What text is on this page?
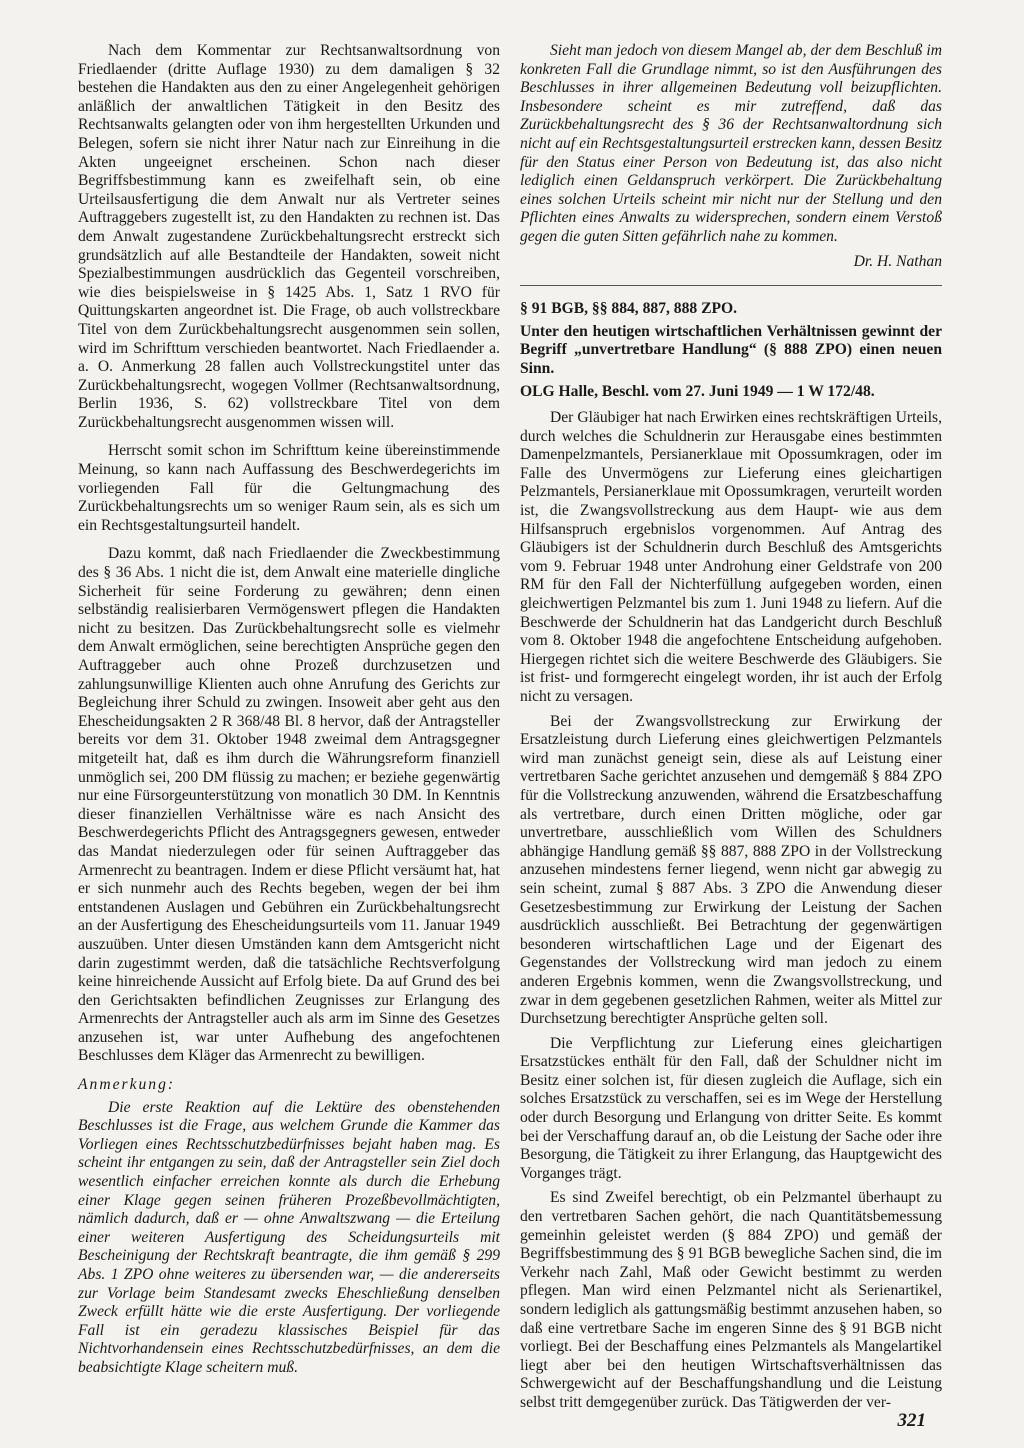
Nach dem Kommentar zur Rechtsanwaltsordnung von Friedlaender (dritte Auflage 1930) zu dem damaligen § 32 bestehen die Handakten aus den zu einer Angelegenheit gehörigen anläßlich der anwaltlichen Tätigkeit in den Besitz des Rechtsanwalts gelangten oder von ihm hergestellten Urkunden und Belegen, sofern sie nicht ihrer Natur nach zur Einreihung in die Akten ungeeignet erscheinen. Schon nach dieser Begriffsbestimmung kann es zweifelhaft sein, ob eine Urteilsausfertigung die dem Anwalt nur als Vertreter seines Auftraggebers zugestellt ist, zu den Handakten zu rechnen ist. Das dem Anwalt zugestandene Zurückbehaltungsrecht erstreckt sich grundsätzlich auf alle Bestandteile der Handakten, soweit nicht Spezialbestimmungen ausdrücklich das Gegenteil vorschreiben, wie dies beispielsweise in § 1425 Abs. 1, Satz 1 RVO für Quittungskarten angeordnet ist. Die Frage, ob auch vollstreckbare Titel von dem Zurückbehaltungsrecht ausgenommen sein sollen, wird im Schrifttum verschieden beantwortet. Nach Friedlaender a. a. O. Anmerkung 28 fallen auch Vollstreckungstitel unter das Zurückbehaltungsrecht, wogegen Vollmer (Rechtsanwaltsordnung, Berlin 1936, S. 62) vollstreckbare Titel von dem Zurückbehaltungsrecht ausgenommen wissen will.

Herrscht somit schon im Schrifttum keine übereinstimmende Meinung, so kann nach Auffassung des Beschwerdegerichts im vorliegenden Fall für die Geltungmachung des Zurückbehaltungsrechts um so weniger Raum sein, als es sich um ein Rechtsgestaltungsurteil handelt.

Dazu kommt, daß nach Friedlaender die Zweckbestimmung des § 36 Abs. 1 nicht die ist, dem Anwalt eine materielle dingliche Sicherheit für seine Forderung zu gewähren; denn einen selbständig realisierbaren Vermögenswert pflegen die Handakten nicht zu besitzen. Das Zurückbehaltungsrecht solle es vielmehr dem Anwalt ermöglichen, seine berechtigten Ansprüche gegen den Auftraggeber auch ohne Prozeß durchzusetzen und zahlungsunwillige Klienten auch ohne Anrufung des Gerichts zur Begleichung ihrer Schuld zu zwingen. Insoweit aber geht aus den Ehescheidungsakten 2 R 368/48 Bl. 8 hervor, daß der Antragsteller bereits vor dem 31. Oktober 1948 zweimal dem Antragsgegner mitgeteilt hat, daß es ihm durch die Währungsreform finanziell unmöglich sei, 200 DM flüssig zu machen; er beziehe gegenwärtig nur eine Fürsorgeunterstützung von monatlich 30 DM. In Kenntnis dieser finanziellen Verhältnisse wäre es nach Ansicht des Beschwerdegerichts Pflicht des Antragsgegners gewesen, entweder das Mandat niederzulegen oder für seinen Auftraggeber das Armenrecht zu beantragen. Indem er diese Pflicht versäumt hat, hat er sich nunmehr auch des Rechts begeben, wegen der bei ihm entstandenen Auslagen und Gebühren ein Zurückbehaltungsrecht an der Ausfertigung des Ehescheidungsurteils vom 11. Januar 1949 auszuüben. Unter diesen Umständen kann dem Amtsgericht nicht darin zugestimmt werden, daß die tatsächliche Rechtsverfolgung keine hinreichende Aussicht auf Erfolg biete. Da auf Grund des bei den Gerichtsakten befindlichen Zeugnisses zur Erlangung des Armenrechts der Antragsteller auch als arm im Sinne des Gesetzes anzusehen ist, war unter Aufhebung des angefochtenen Beschlusses dem Kläger das Armenrecht zu bewilligen.

Anmerkung:

Die erste Reaktion auf die Lektüre des obenstehenden Beschlusses ist die Frage, aus welchem Grunde die Kammer das Vorliegen eines Rechtsschutzbedürfnisses bejaht haben mag. Es scheint ihr entgangen zu sein, daß der Antragsteller sein Ziel doch wesentlich einfacher erreichen konnte als durch die Erhebung einer Klage gegen seinen früheren Prozeßbevollmächtigten, nämlich dadurch, daß er — ohne Anwaltszwang — die Erteilung einer weiteren Ausfertigung des Scheidungsurteils mit Bescheinigung der Rechtskraft beantragte, die ihm gemäß § 299 Abs. 1 ZPO ohne weiteres zu übersenden war, — die andererseits zur Vorlage beim Standesamt zwecks Eheschließung denselben Zweck erfüllt hätte wie die erste Ausfertigung. Der vorliegende Fall ist ein geradezu klassisches Beispiel für das Nichtvorhandensein eines Rechtsschutzbedürfnisses, an dem die beabsichtigte Klage scheitern muß.

Sieht man jedoch von diesem Mangel ab, der dem Beschluß im konkreten Fall die Grundlage nimmt, so ist den Ausführungen des Beschlusses in ihrer allgemeinen Bedeutung voll beizupflichten. Insbesondere scheint es mir zutreffend, daß das Zurückbehaltungsrecht des § 36 der Rechtsanwaltordnung sich nicht auf ein Rechtsgestaltungsurteil erstrecken kann, dessen Besitz für den Status einer Person von Bedeutung ist, das also nicht lediglich einen Geldanspruch verkörpert. Die Zurückbehaltung eines solchen Urteils scheint mir nicht nur der Stellung und den Pflichten eines Anwalts zu widersprechen, sondern einem Verstoß gegen die guten Sitten gefährlich nahe zu kommen.

Dr. H. Nathan
§ 91 BGB, §§ 884, 887, 888 ZPO.
Unter den heutigen wirtschaftlichen Verhältnissen gewinnt der Begriff „unvertretbare Handlung“ (§ 888 ZPO) einen neuen Sinn.
OLG Halle, Beschl. vom 27. Juni 1949 — 1 W 172/48.

Der Gläubiger hat nach Erwirken eines rechtskräftigen Urteils, durch welches die Schuldnerin zur Herausgabe eines bestimmten Damenpelzmantels, Persianerklaue mit Opossumkragen, oder im Falle des Unvermögens zur Lieferung eines gleichartigen Pelzmantels, Persianerklaue mit Opossumkragen, verurteilt worden ist, die Zwangsvollstreckung aus dem Haupt- wie aus dem Hilfsanspruch ergebnislos vorgenommen. Auf Antrag des Gläubigers ist der Schuldnerin durch Beschluß des Amtsgerichts vom 9. Februar 1948 unter Androhung einer Geldstrafe von 200 RM für den Fall der Nichterfüllung aufgegeben worden, einen gleichwertigen Pelzmantel bis zum 1. Juni 1948 zu liefern. Auf die Beschwerde der Schuldnerin hat das Landgericht durch Beschluß vom 8. Oktober 1948 die angefochtene Entscheidung aufgehoben. Hiergegen richtet sich die weitere Beschwerde des Gläubigers. Sie ist frist- und formgerecht eingelegt worden, ihr ist auch der Erfolg nicht zu versagen.

Bei der Zwangsvollstreckung zur Erwirkung der Ersatzleistung durch Lieferung eines gleichwertigen Pelzmantels wird man zunächst geneigt sein, diese als auf Leistung einer vertretbaren Sache gerichtet anzusehen und demgemäß § 884 ZPO für die Vollstreckung anzuwenden, während die Ersatzbeschaffung als vertretbare, durch einen Dritten mögliche, oder gar unvertretbare, ausschließlich vom Willen des Schuldners abhängige Handlung gemäß §§ 887, 888 ZPO in der Vollstreckung anzusehen mindestens ferner liegend, wenn nicht gar abwegig zu sein scheint, zumal § 887 Abs. 3 ZPO die Anwendung dieser Gesetzesbestimmung zur Erwirkung der Leistung der Sachen ausdrücklich ausschließt. Bei Betrachtung der gegenwärtigen besonderen wirtschaftlichen Lage und der Eigenart des Gegenstandes der Vollstreckung wird man jedoch zu einem anderen Ergebnis kommen, wenn die Zwangsvollstreckung, und zwar in dem gegebenen gesetzlichen Rahmen, weiter als Mittel zur Durchsetzung berechtigter Ansprüche gelten soll.

Die Verpflichtung zur Lieferung eines gleichartigen Ersatzstückes enthält für den Fall, daß der Schuldner nicht im Besitz einer solchen ist, für diesen zugleich die Auflage, sich ein solches Ersatzstück zu verschaffen, sei es im Wege der Herstellung oder durch Besorgung und Erlangung von dritter Seite. Es kommt bei der Verschaffung darauf an, ob die Leistung der Sache oder ihre Besorgung, die Tätigkeit zu ihrer Erlangung, das Hauptgewicht des Vorganges trägt.

Es sind Zweifel berechtigt, ob ein Pelzmantel überhaupt zu den vertretbaren Sachen gehört, die nach Quantitätsbemessung gemeinhin geleistet werden (§ 884 ZPO) und gemäß der Begriffsbestimmung des § 91 BGB bewegliche Sachen sind, die im Verkehr nach Zahl, Maß oder Gewicht bestimmt zu werden pflegen. Man wird einen Pelzmantel nicht als Serienartikel, sondern lediglich als gattungsmäßig bestimmt anzusehen haben, so daß eine vertretbare Sache im engeren Sinne des § 91 BGB nicht vorliegt. Bei der Beschaffung eines Pelzmantels als Mangelartikel liegt aber bei den heutigen Wirtschaftsverhältnissen das Schwergewicht auf der Beschaffungshandlung und die Leistung selbst tritt demgegenüber zurück. Das Tätigwerden der ver-

321
